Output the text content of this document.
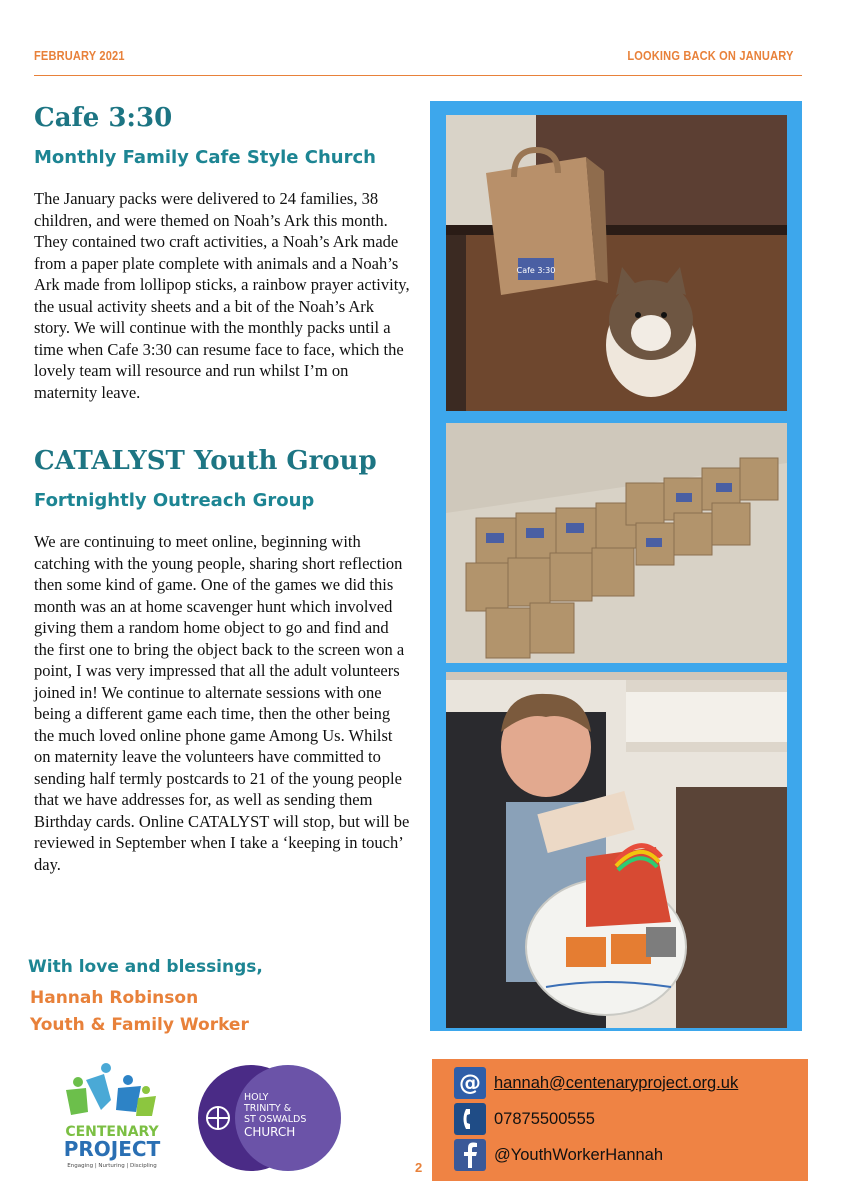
FEBRUARY 2021	LOOKING BACK ON JANUARY
Cafe 3:30
Monthly Family Cafe Style Church

The January packs were delivered to 24 families, 38 children, and were themed on Noah’s Ark this month. They contained two craft activities, a Noah’s Ark made from a paper plate complete with animals and a Noah’s Ark made from lollipop sticks, a rainbow prayer activity, the usual activity sheets and a bit of the Noah’s Ark story. We will continue with the monthly packs until a time when Cafe 3:30 can resume face to face, which the lovely team will resource and run whilst I’m on maternity leave.

CATALYST Youth Group
Fortnightly Outreach Group

We are continuing to meet online, beginning with catching with the young people, sharing short reflection then some kind of game. One of the games we did this month was an at home scavenger hunt which involved giving them a random home object to go and find and the first one to bring the object back to the screen won a point, I was very impressed that all the adult volunteers joined in! We continue to alternate sessions with one being a different game each time, then the other being the much loved online phone game Among Us. Whilst on maternity leave the volunteers have committed to sending half termly postcards to 21 of the young people that we have addresses for, as well as sending them Birthday cards. Online CATALYST will stop, but will be reviewed in September when I take a ‘keeping in touch’ day.

With love and blessings,
Hannah Robinson
Youth & Family Worker
Cafe 3:30
CENTENARY
PROJECT
Engaging | Nurturing | Discipling
HOLY
TRINITY &
ST OSWALDS
CHURCH
@ hannah@centenaryproject.org.uk
07875500555
@YouthWorkerHannah
2
